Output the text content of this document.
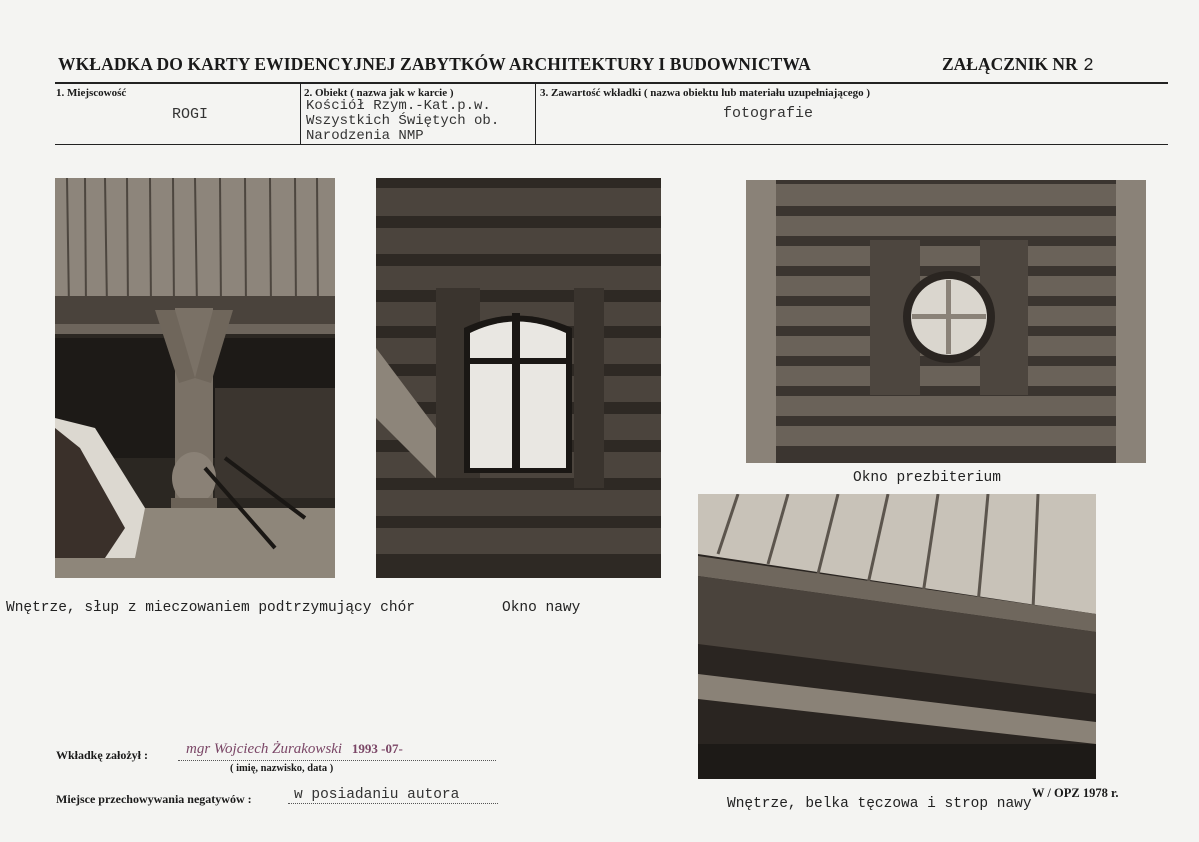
WKŁADKA DO KARTY EWIDENCYJNEJ ZABYTKÓW ARCHITEKTURY I BUDOWNICTWA	ZAŁĄCZNIK NR 2
1. Miejscowość
ROGI
2. Obiekt ( nazwa jak w karcie )
Kościół Rzym.-Kat.p.w.
Wszystkich Świętych ob.
Narodzenia NMP
3. Zawartość wkładki ( nazwa obiektu lub materiału uzupełniającego )
fotografie
Wnętrze, słup z mieczowaniem podtrzymujący chór	Okno nawy
Okno prezbiterium
Wnętrze, belka tęczowa i strop nawy
Wkładkę założył :	mgr Wojciech Żurakowski 1993 -07-
( imię, nazwisko, data )
Miejsce przechowywania negatywów :	w posiadaniu autora	W / OPZ 1978 r.
